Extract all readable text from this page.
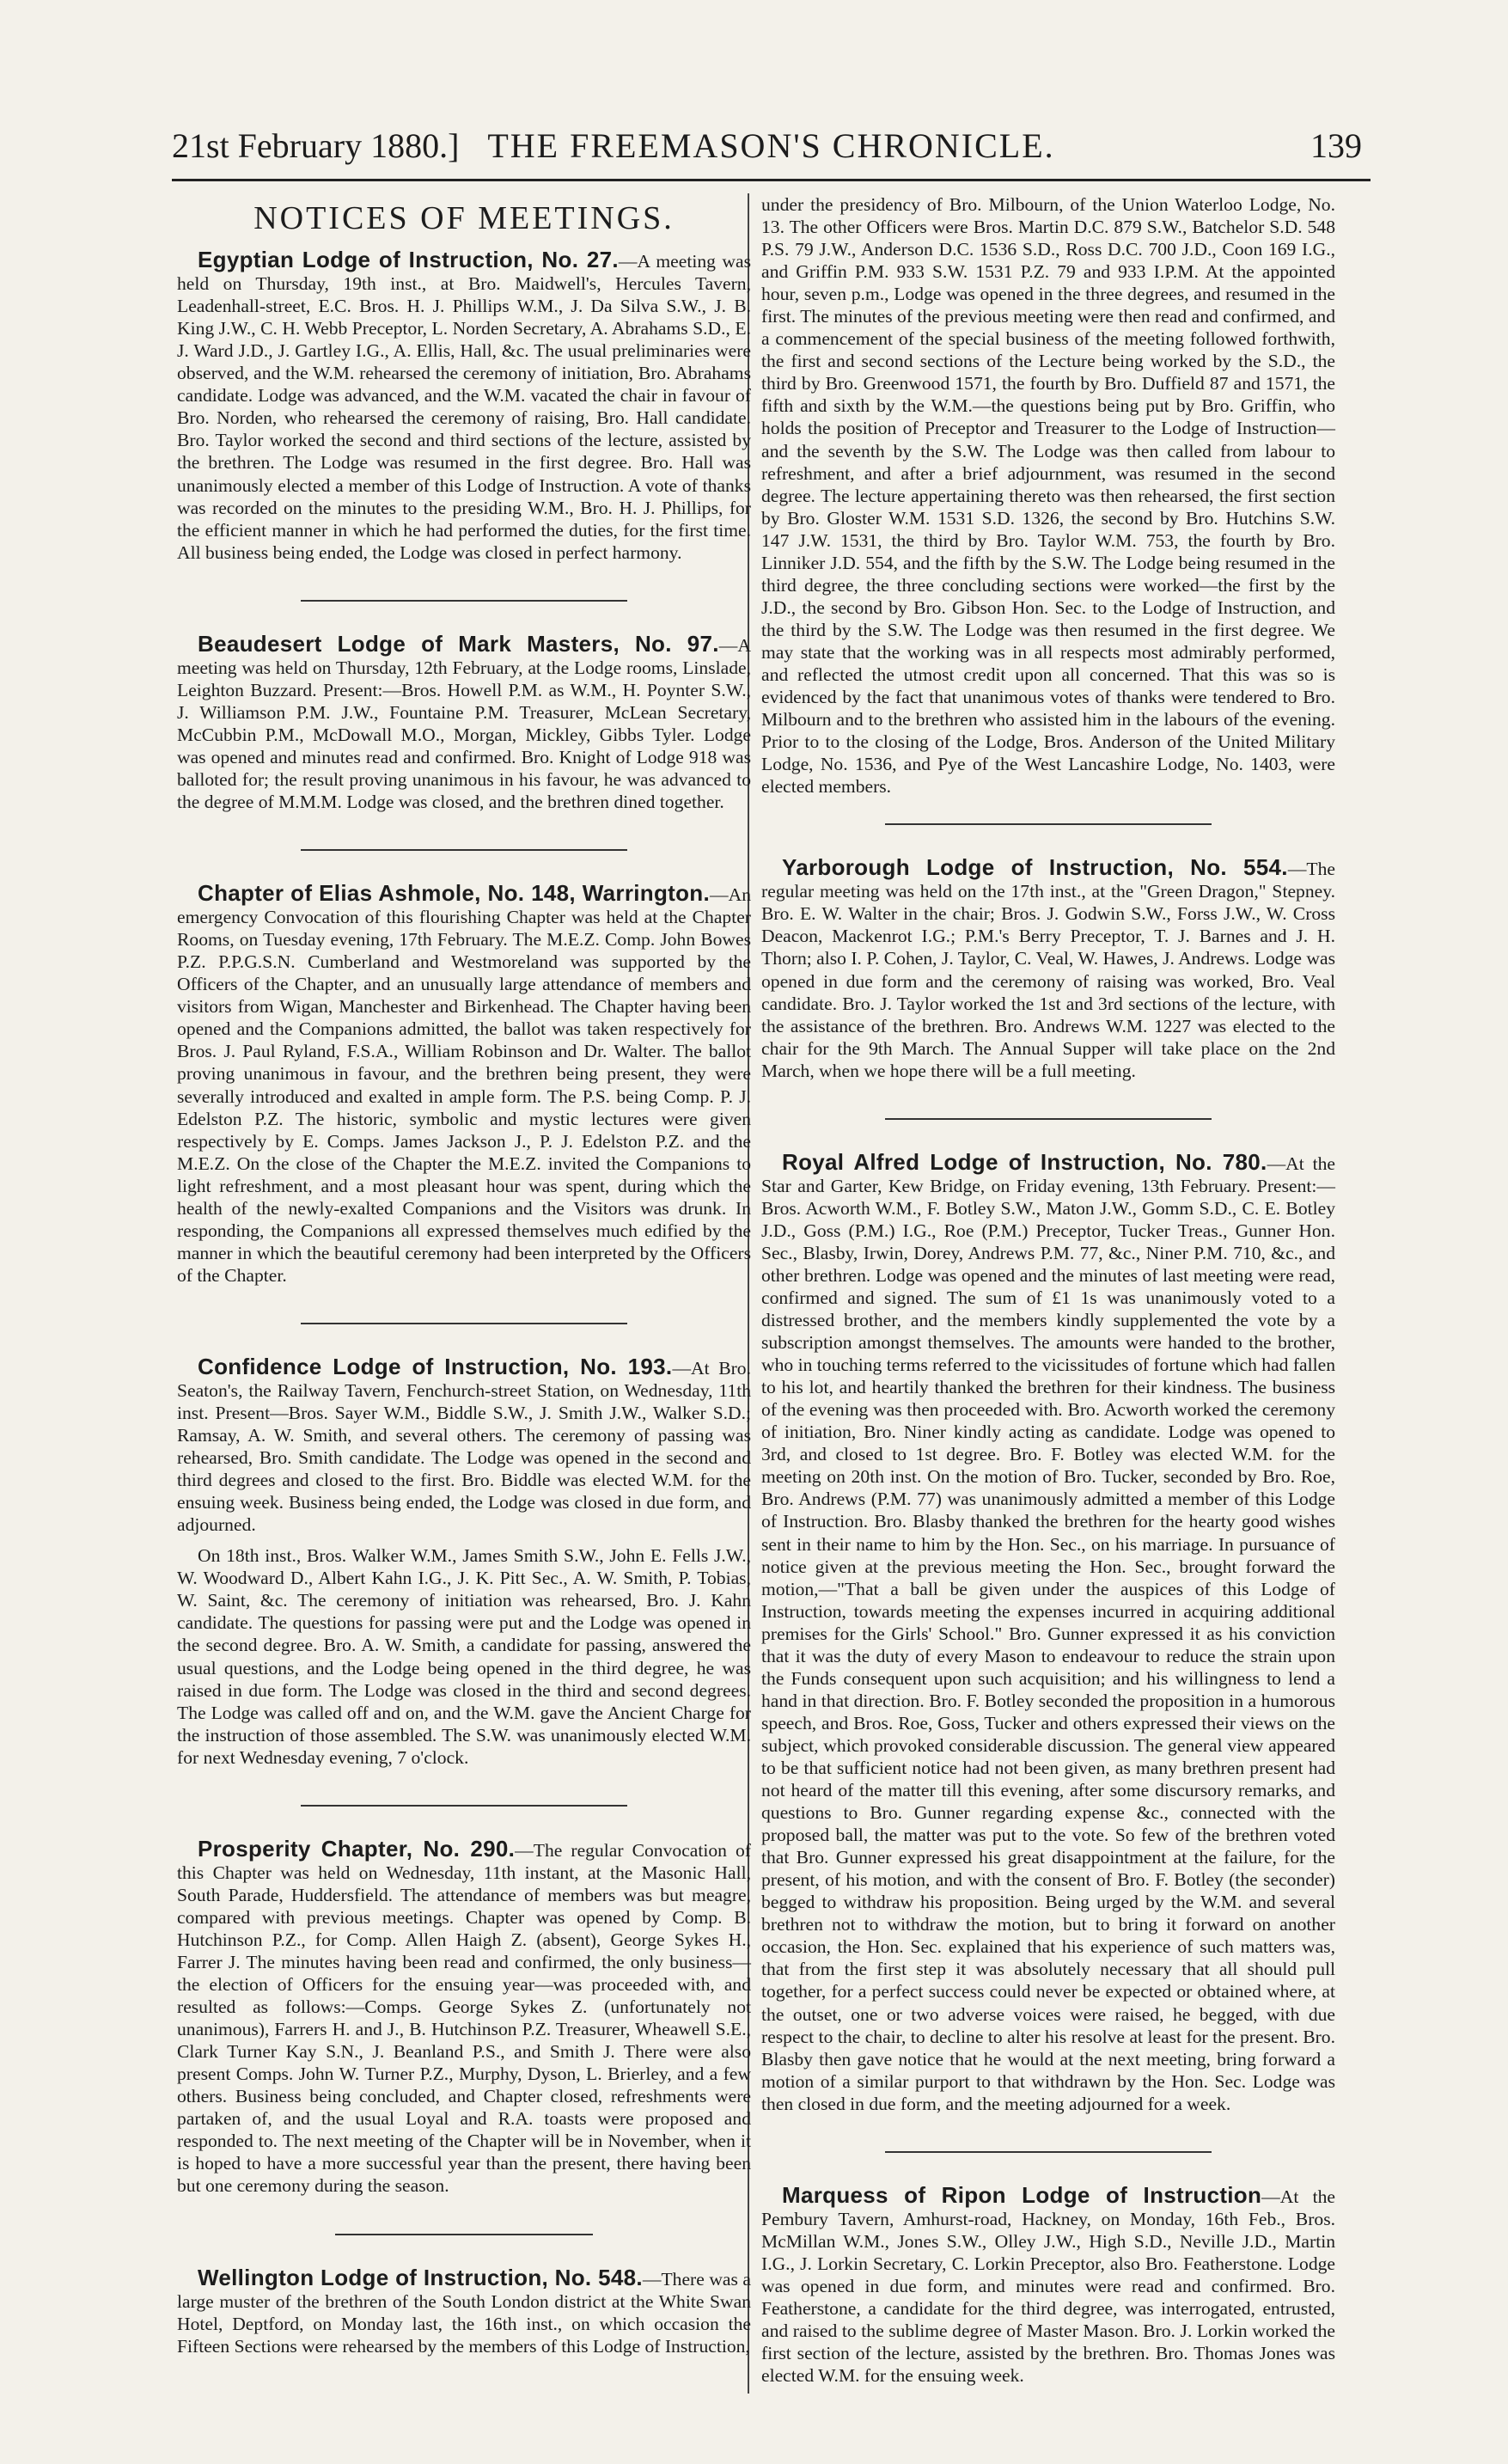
21st February 1880.] THE FREEMASON'S CHRONICLE.	139
NOTICES OF MEETINGS.
Egyptian Lodge of Instruction, No. 27.—A meeting was held on Thursday, 19th inst., at Bro. Maidwell's, Hercules Tavern, Leadenhall-street, E.C. Bros. H. J. Phillips W.M., J. Da Silva S.W., J. B. King J.W., C. H. Webb Preceptor, L. Norden Secretary, A. Abrahams S.D., E. J. Ward J.D., J. Gartley I.G., A. Ellis, Hall, &c. The usual preliminaries were observed, and the W.M. rehearsed the ceremony of initiation, Bro. Abrahams candidate. Lodge was advanced, and the W.M. vacated the chair in favour of Bro. Norden, who rehearsed the ceremony of raising, Bro. Hall candidate. Bro. Taylor worked the second and third sections of the lecture, assisted by the brethren. The Lodge was resumed in the first degree. Bro. Hall was unanimously elected a member of this Lodge of Instruction. A vote of thanks was recorded on the minutes to the presiding W.M., Bro. H. J. Phillips, for the efficient manner in which he had performed the duties, for the first time. All business being ended, the Lodge was closed in perfect harmony.
Beaudesert Lodge of Mark Masters, No. 97.—A meeting was held on Thursday, 12th February, at the Lodge rooms, Linslade, Leighton Buzzard. Present:—Bros. Howell P.M. as W.M., H. Poynter S.W., J. Williamson P.M. J.W., Fountaine P.M. Treasurer, McLean Secretary, McCubbin P.M., McDowall M.O., Morgan, Mickley, Gibbs Tyler. Lodge was opened and minutes read and confirmed. Bro. Knight of Lodge 918 was balloted for; the result proving unanimous in his favour, he was advanced to the degree of M.M.M. Lodge was closed, and the brethren dined together.
Chapter of Elias Ashmole, No. 148, Warrington.—An emergency Convocation of this flourishing Chapter was held at the Chapter Rooms, on Tuesday evening, 17th February. The M.E.Z. Comp. John Bowes P.Z. P.P.G.S.N. Cumberland and Westmoreland was supported by the Officers of the Chapter, and an unusually large attendance of members and visitors from Wigan, Manchester and Birkenhead. The Chapter having been opened and the Companions admitted, the ballot was taken respectively for Bros. J. Paul Ryland, F.S.A., William Robinson and Dr. Walter. The ballot proving unanimous in favour, and the brethren being present, they were severally introduced and exalted in ample form. The P.S. being Comp. P. J. Edelston P.Z. The historic, symbolic and mystic lectures were given respectively by E. Comps. James Jackson J., P. J. Edelston P.Z. and the M.E.Z. On the close of the Chapter the M.E.Z. invited the Companions to light refreshment, and a most pleasant hour was spent, during which the health of the newly-exalted Companions and the Visitors was drunk. In responding, the Companions all expressed themselves much edified by the manner in which the beautiful ceremony had been interpreted by the Officers of the Chapter.
Confidence Lodge of Instruction, No. 193.—At Bro. Seaton's, the Railway Tavern, Fenchurch-street Station, on Wednesday, 11th inst. Present—Bros. Sayer W.M., Biddle S.W., J. Smith J.W., Walker S.D.; Ramsay, A. W. Smith, and several others. The ceremony of passing was rehearsed, Bro. Smith candidate. The Lodge was opened in the second and third degrees and closed to the first. Bro. Biddle was elected W.M. for the ensuing week. Business being ended, the Lodge was closed in due form, and adjourned.
On 18th inst., Bros. Walker W.M., James Smith S.W., John E. Fells J.W., W. Woodward D., Albert Kahn I.G., J. K. Pitt Sec., A. W. Smith, P. Tobias, W. Saint, &c. The ceremony of initiation was rehearsed, Bro. J. Kahn candidate. The questions for passing were put and the Lodge was opened in the second degree. Bro. A. W. Smith, a candidate for passing, answered the usual questions, and the Lodge being opened in the third degree, he was raised in due form. The Lodge was closed in the third and second degrees. The Lodge was called off and on, and the W.M. gave the Ancient Charge for the instruction of those assembled. The S.W. was unanimously elected W.M. for next Wednesday evening, 7 o'clock.
Prosperity Chapter, No. 290.—The regular Convocation of this Chapter was held on Wednesday, 11th instant, at the Masonic Hall, South Parade, Huddersfield. The attendance of members was but meagre, compared with previous meetings. Chapter was opened by Comp. B. Hutchinson P.Z., for Comp. Allen Haigh Z. (absent), George Sykes H., Farrer J. The minutes having been read and confirmed, the only business—the election of Officers for the ensuing year—was proceeded with, and resulted as follows:—Comps. George Sykes Z. (unfortunately not unanimous), Farrers H. and J., B. Hutchinson P.Z. Treasurer, Wheawell S.E., Clark Turner Kay S.N., J. Beanland P.S., and Smith J. There were also present Comps. John W. Turner P.Z., Murphy, Dyson, L. Brierley, and a few others. Business being concluded, and Chapter closed, refreshments were partaken of, and the usual Loyal and R.A. toasts were proposed and responded to. The next meeting of the Chapter will be in November, when it is hoped to have a more successful year than the present, there having been but one ceremony during the season.
Wellington Lodge of Instruction, No. 548.—There was a large muster of the brethren of the South London district at the White Swan Hotel, Deptford, on Monday last, the 16th inst., on which occasion the Fifteen Sections were rehearsed by the members of this Lodge of Instruction,
under the presidency of Bro. Milbourn, of the Union Waterloo Lodge, No. 13. The other Officers were Bros. Martin D.C. 879 S.W., Batchelor S.D. 548 P.S. 79 J.W., Anderson D.C. 1536 S.D., Ross D.C. 700 J.D., Coon 169 I.G., and Griffin P.M. 933 S.W. 1531 P.Z. 79 and 933 I.P.M. At the appointed hour, seven p.m., Lodge was opened in the three degrees, and resumed in the first. The minutes of the previous meeting were then read and confirmed, and a commencement of the special business of the meeting followed forthwith, the first and second sections of the Lecture being worked by the S.D., the third by Bro. Greenwood 1571, the fourth by Bro. Duffield 87 and 1571, the fifth and sixth by the W.M.—the questions being put by Bro. Griffin, who holds the position of Preceptor and Treasurer to the Lodge of Instruction—and the seventh by the S.W. The Lodge was then called from labour to refreshment, and after a brief adjournment, was resumed in the second degree. The lecture appertaining thereto was then rehearsed, the first section by Bro. Gloster W.M. 1531 S.D. 1326, the second by Bro. Hutchins S.W. 147 J.W. 1531, the third by Bro. Taylor W.M. 753, the fourth by Bro. Linniker J.D. 554, and the fifth by the S.W. The Lodge being resumed in the third degree, the three concluding sections were worked—the first by the J.D., the second by Bro. Gibson Hon. Sec. to the Lodge of Instruction, and the third by the S.W. The Lodge was then resumed in the first degree. We may state that the working was in all respects most admirably performed, and reflected the utmost credit upon all concerned. That this was so is evidenced by the fact that unanimous votes of thanks were tendered to Bro. Milbourn and to the brethren who assisted him in the labours of the evening. Prior to to the closing of the Lodge, Bros. Anderson of the United Military Lodge, No. 1536, and Pye of the West Lancashire Lodge, No. 1403, were elected members.
Yarborough Lodge of Instruction, No. 554.—The regular meeting was held on the 17th inst., at the "Green Dragon," Stepney. Bro. E. W. Walter in the chair; Bros. J. Godwin S.W., Forss J.W., W. Cross Deacon, Mackenrot I.G.; P.M.'s Berry Preceptor, T. J. Barnes and J. H. Thorn; also I. P. Cohen, J. Taylor, C. Veal, W. Hawes, J. Andrews. Lodge was opened in due form and the ceremony of raising was worked, Bro. Veal candidate. Bro. J. Taylor worked the 1st and 3rd sections of the lecture, with the assistance of the brethren. Bro. Andrews W.M. 1227 was elected to the chair for the 9th March. The Annual Supper will take place on the 2nd March, when we hope there will be a full meeting.
Royal Alfred Lodge of Instruction, No. 780.—At the Star and Garter, Kew Bridge, on Friday evening, 13th February. Present:—Bros. Acworth W.M., F. Botley S.W., Maton J.W., Gomm S.D., C. E. Botley J.D., Goss (P.M.) I.G., Roe (P.M.) Preceptor, Tucker Treas., Gunner Hon. Sec., Blasby, Irwin, Dorey, Andrews P.M. 77, &c., Niner P.M. 710, &c., and other brethren. Lodge was opened and the minutes of last meeting were read, confirmed and signed. The sum of £1 1s was unanimously voted to a distressed brother, and the members kindly supplemented the vote by a subscription amongst themselves. The amounts were handed to the brother, who in touching terms referred to the vicissitudes of fortune which had fallen to his lot, and heartily thanked the brethren for their kindness. The business of the evening was then proceeded with. Bro. Acworth worked the ceremony of initiation, Bro. Niner kindly acting as candidate. Lodge was opened to 3rd, and closed to 1st degree. Bro. F. Botley was elected W.M. for the meeting on 20th inst. On the motion of Bro. Tucker, seconded by Bro. Roe, Bro. Andrews (P.M. 77) was unanimously admitted a member of this Lodge of Instruction. Bro. Blasby thanked the brethren for the hearty good wishes sent in their name to him by the Hon. Sec., on his marriage. In pursuance of notice given at the previous meeting the Hon. Sec., brought forward the motion,—"That a ball be given under the auspices of this Lodge of Instruction, towards meeting the expenses incurred in acquiring additional premises for the Girls' School." Bro. Gunner expressed it as his conviction that it was the duty of every Mason to endeavour to reduce the strain upon the Funds consequent upon such acquisition; and his willingness to lend a hand in that direction. Bro. F. Botley seconded the proposition in a humorous speech, and Bros. Roe, Goss, Tucker and others expressed their views on the subject, which provoked considerable discussion. The general view appeared to be that sufficient notice had not been given, as many brethren present had not heard of the matter till this evening, after some discursory remarks, and questions to Bro. Gunner regarding expense &c., connected with the proposed ball, the matter was put to the vote. So few of the brethren voted that Bro. Gunner expressed his great disappointment at the failure, for the present, of his motion, and with the consent of Bro. F. Botley (the seconder) begged to withdraw his proposition. Being urged by the W.M. and several brethren not to withdraw the motion, but to bring it forward on another occasion, the Hon. Sec. explained that his experience of such matters was, that from the first step it was absolutely necessary that all should pull together, for a perfect success could never be expected or obtained where, at the outset, one or two adverse voices were raised, he begged, with due respect to the chair, to decline to alter his resolve at least for the present. Bro. Blasby then gave notice that he would at the next meeting, bring forward a motion of a similar purport to that withdrawn by the Hon. Sec. Lodge was then closed in due form, and the meeting adjourned for a week.
Marquess of Ripon Lodge of Instruction—At the Pembury Tavern, Amhurst-road, Hackney, on Monday, 16th Feb., Bros. McMillan W.M., Jones S.W., Olley J.W., High S.D., Neville J.D., Martin I.G., J. Lorkin Secretary, C. Lorkin Preceptor, also Bro. Featherstone. Lodge was opened in due form, and minutes were read and confirmed. Bro. Featherstone, a candidate for the third degree, was interrogated, entrusted, and raised to the sublime degree of Master Mason. Bro. J. Lorkin worked the first section of the lecture, assisted by the brethren. Bro. Thomas Jones was elected W.M. for the ensuing week.
